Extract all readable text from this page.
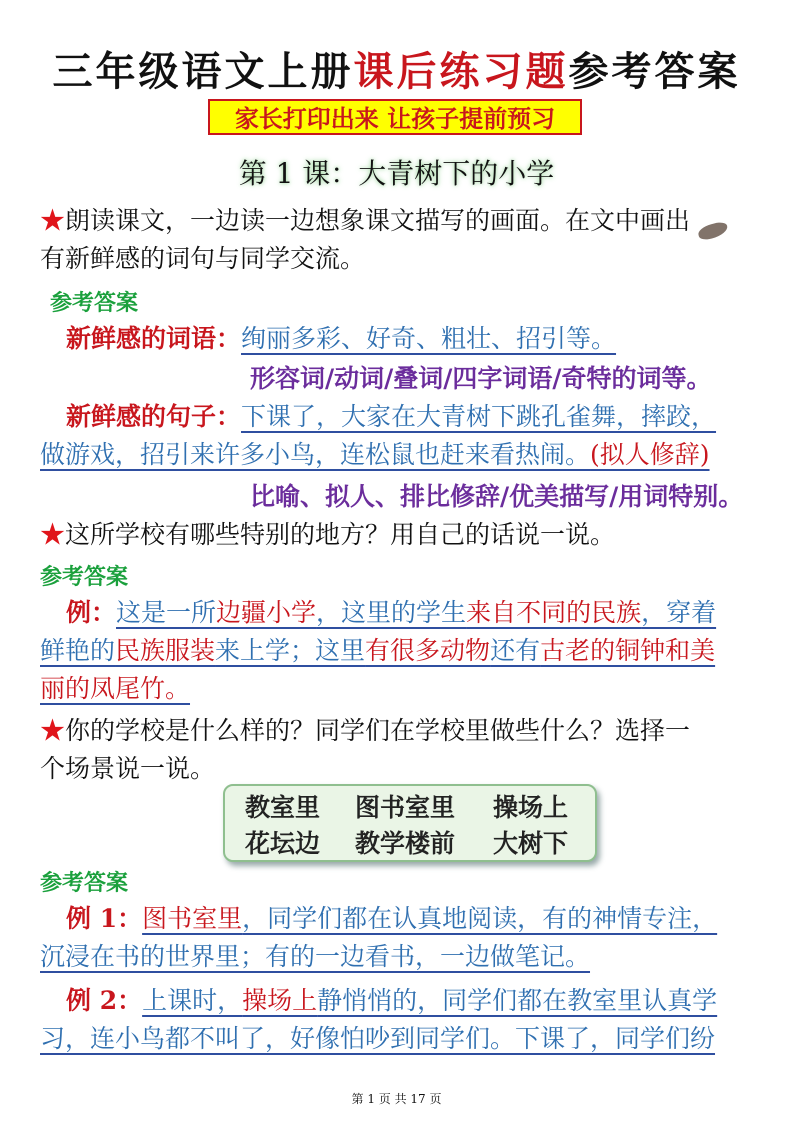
三年级语文上册课后练习题参考答案
家长打印出来 让孩子提前预习
第 1 课：大青树下的小学
★朗读课文，一边读一边想象课文描写的画面。在文中画出
有新鲜感的词句与同学交流。
参考答案
新鲜感的词语：绚丽多彩、好奇、粗壮、招引等。
形容词/动词/叠词/四字词语/奇特的词等。
新鲜感的句子：下课了，大家在大青树下跳孔雀舞，摔跤，
做游戏，招引来许多小鸟，连松鼠也赶来看热闹。(拟人修辞)
比喻、拟人、排比修辞/优美描写/用词特别。
★这所学校有哪些特别的地方？用自己的话说一说。
参考答案
例：这是一所边疆小学，这里的学生来自不同的民族，穿着
鲜艳的民族服装来上学；这里有很多动物还有古老的铜钟和美
丽的凤尾竹。
★你的学校是什么样的？同学们在学校里做些什么？选择一
个场景说一说。
教室里 图书室里 操场上
花坛边 教学楼前 大树下
参考答案
例 1：图书室里，同学们都在认真地阅读，有的神情专注，
沉浸在书的世界里；有的一边看书，一边做笔记。
例 2：上课时，操场上静悄悄的，同学们都在教室里认真学
习，连小鸟都不叫了，好像怕吵到同学们。下课了，同学们纷
第 1 页 共 17 页
